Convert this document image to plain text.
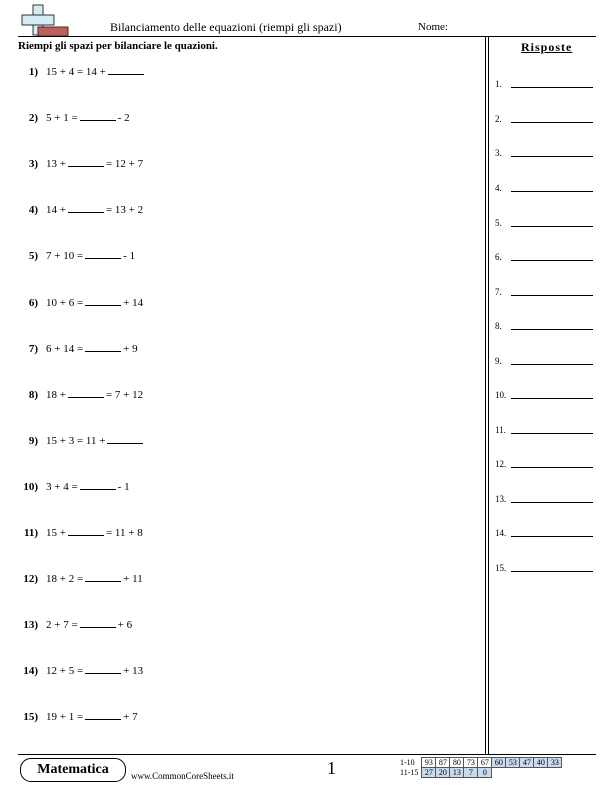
Bilanciamento delle equazioni (riempi gli spazi)	Nome:
Riempi gli spazi per bilanciare le quazioni.
1) 15 + 4 = 14 +
2) 5 + 1 =	- 2
3) 13 +	= 12 + 7
4) 14 +	= 13 + 2
5) 7 + 10 =	- 1
6) 10 + 6 =	+ 14
7) 6 + 14 =	+ 9
8) 18 +	= 7 + 12
9) 15 + 3 = 11 +
10) 3 + 4 =	- 1
11) 15 +	= 11 + 8
12) 18 + 2 =	+ 11
13) 2 + 7 =	+ 6
14) 12 + 5 =	+ 13
15) 19 + 1 =	+ 7
Risposte
1.
2.
3.
4.
5.
6.
7.
8.
9.
10.
11.
12.
13.
14.
15.
Matematica	www.CommonCoreSheets.it	1	1-10	93	87	80	73	67	60	53	47	40	33
11-15	27	20	13	7	0					
